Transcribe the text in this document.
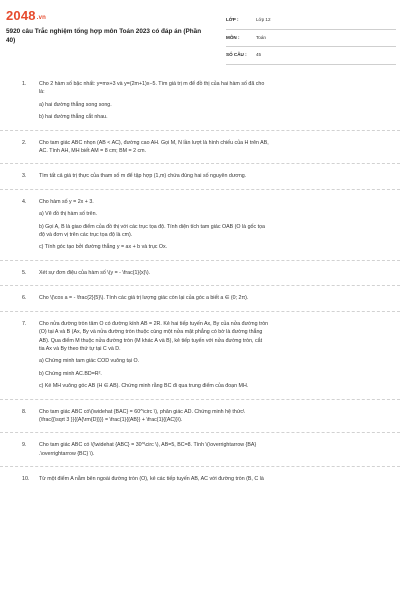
2048.vn
5920 câu Trắc nghiệm tổng hợp môn Toán 2023 có đáp án (Phần 40)
LỚP :	Lớp 12
MÔN :	Toán
SỐ CÂU : 45
1. Cho 2 hàm số bậc nhất: y=mx+3 và y=(2m+1)x−5. Tìm giá trị m để đồ thị của hai hàm số đã cho
là:
a) hai đường thẳng song song.
b) hai đường thẳng cắt nhau.
2. Cho tam giác ABC nhọn (AB < AC), đường cao AH. Gọi M, N lần lượt là hình chiếu của H trên AB,
AC. Tính AH, MH biết AM = 8 cm; BM = 2 cm.
3. Tìm tất cả giá trị thực của tham số m để tập hợp (1,m) chứa đúng hai số nguyên dương.
4. Cho hàm số y = 2x + 3.
a) Vẽ đồ thị hàm số trên.
b) Gọi A, B là giao điểm của đồ thị với các trục tọa độ. Tính diện tích tam giác OAB (O là gốc tọa
độ và đơn vị trên các trục tọa độ là cm).
c) Tính góc tạo bởi đường thẳng y = ax + b và trục Ox.
5. Xét sự đơn điệu của hàm số \(y = - \frac{1}{x}\).
6. Cho \(\cos a = - \frac{2}{5}\). Tính các giá trị lượng giác còn lại của góc a biết a ∈ (0; 2π).
7. Cho nửa đường tròn tâm O có đường kính AB = 2R. Kẻ hai tiếp tuyến Ax, By của nửa đường tròn
(O) tại A và B (Ax, By và nửa đường tròn thuộc cùng một nửa mặt phẳng có bờ là đường thẳng
AB). Qua điểm M thuộc nửa đường tròn (M khác A và B), kẻ tiếp tuyến với nửa đường tròn, cắt
tia Ax và By theo thứ tự tại C và D.
a) Chứng minh tam giác COD vuông tại O.
b) Chứng minh AC.BD=R².
c) Kẻ MH vuông góc AB (H ∈ AB). Chứng minh rằng BC đi qua trung điểm của đoạn MH.
8. Cho tam giác ABC có\(\widehat {BAC} = 60^\circ \), phân giác AD. Chứng minh hệ thức\
(\frac{{\sqrt 3 }}{{A{\rm{D}}}} = \frac{1}{{AB}} + \frac{1}{{AC}}\).
9. Cho tam giác ABC có \(\widehat {ABC} = 30^\circ \), AB=5, BC=8. Tính \(\overrightarrow {BA}
.\overrightarrow {BC} \).
10. Từ một điểm A nằm bên ngoài đường tròn (O), kẻ các tiếp tuyến AB, AC với đường tròn (B, C là
